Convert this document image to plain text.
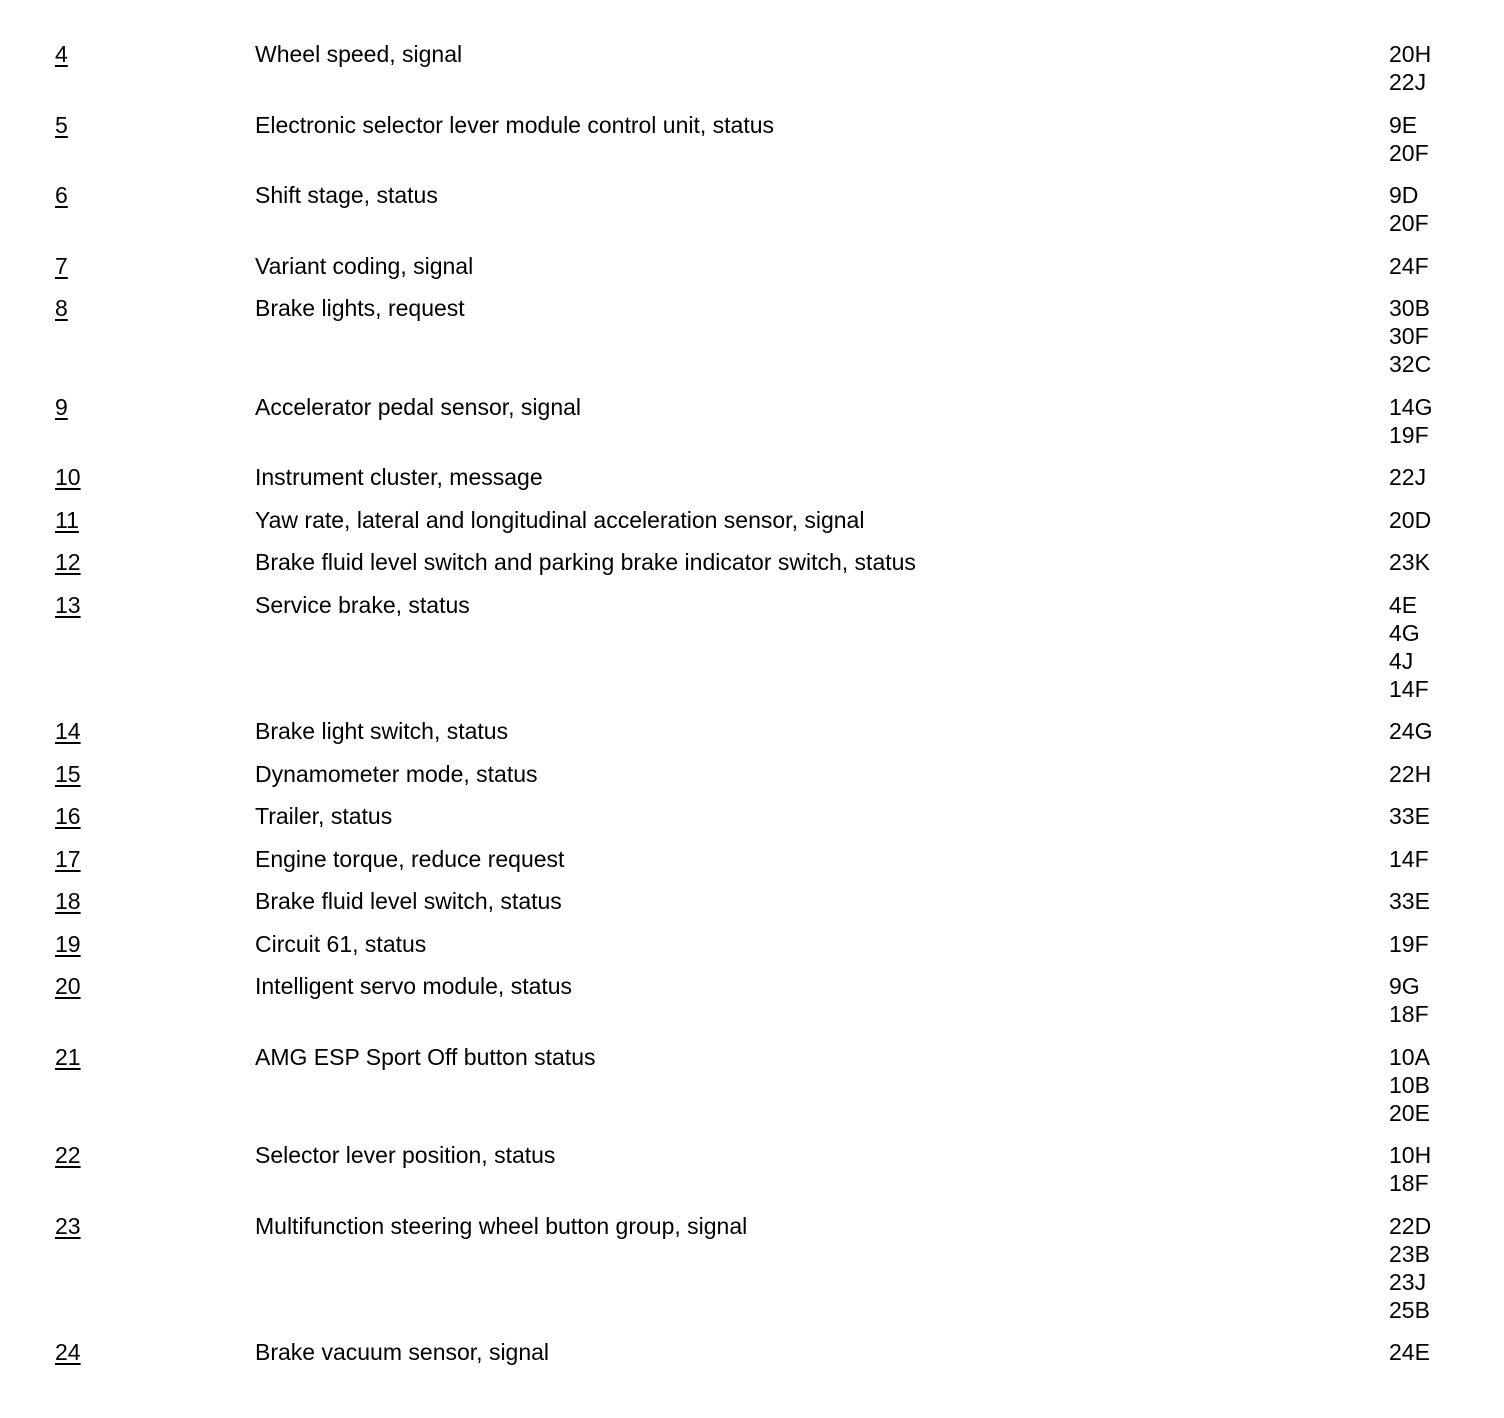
4	Wheel speed, signal	20H
22J
5	Electronic selector lever module control unit, status	9E
20F
6	Shift stage, status	9D
20F
7	Variant coding, signal	24F
8	Brake lights, request	30B
30F
32C
9	Accelerator pedal sensor, signal	14G
19F
10	Instrument cluster, message	22J
11	Yaw rate, lateral and longitudinal acceleration sensor, signal	20D
12	Brake fluid level switch and parking brake indicator switch, status	23K
13	Service brake, status	4E
4G
4J
14F
14	Brake light switch, status	24G
15	Dynamometer mode, status	22H
16	Trailer, status	33E
17	Engine torque, reduce request	14F
18	Brake fluid level switch, status	33E
19	Circuit 61, status	19F
20	Intelligent servo module, status	9G
18F
21	AMG ESP Sport Off button status	10A
10B
20E
22	Selector lever position, status	10H
18F
23	Multifunction steering wheel button group, signal	22D
23B
23J
25B
24	Brake vacuum sensor, signal	24E
